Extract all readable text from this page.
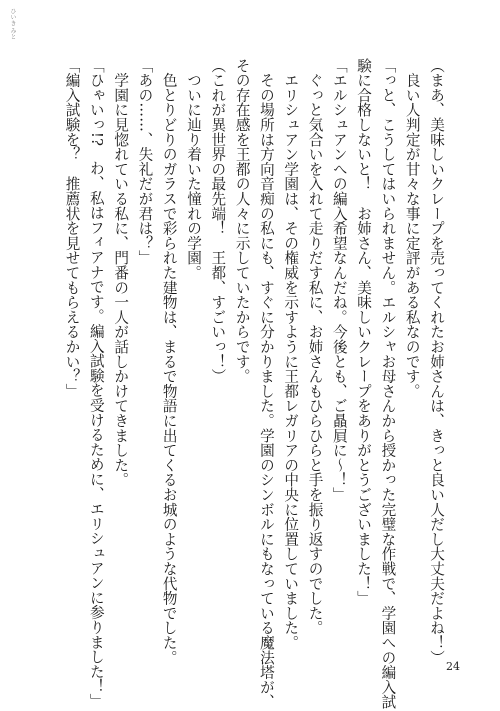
（まあ、美味しいクレープを売ってくれたお姉さんは、きっと良い人だし大丈夫だよね！）
　良い人判定が甘々な事に定評がある私なのです。
「っと、こうしてはいられません。エルシャお母さんから授かった完璧な作戦で、学園への編入試
験に合格しないと！　お姉さん、美味しいクレープをありがとうございました！」
「エルシュアンへの編入希望なんだね。今後とも、ご贔屓に～！」
　ぐっと気合いを入れて走りだす私に、お姉さんもひらひらと手を振り返すのでした。
　エリシュアン学園は、その権威を示すように王都レガリアの中央に位置していました。
　その場所は方向音痴の私にも、すぐに分かりました。学園のシンボルにもなっている魔法塔が、
その存在感を王都の人々に示していたからです。
（これが異世界の最先端！　王都、すごいっ！）
　ついに辿り着いた憧れの学園。
　色とりどりのガラスで彩られた建物は、まるで物語に出てくるお城のような代物でした。
「あの……、失礼だが君は？」
　学園に見惚れている私に、門番の一人が話しかけてきました。
「ひゃいっ!?　わ、私はフィアナです。編入試験を受けるために、エリシュアンに参りました！」
「編入試験を？　推薦状を見せてもらえるかい？」
ひいき みと
24
